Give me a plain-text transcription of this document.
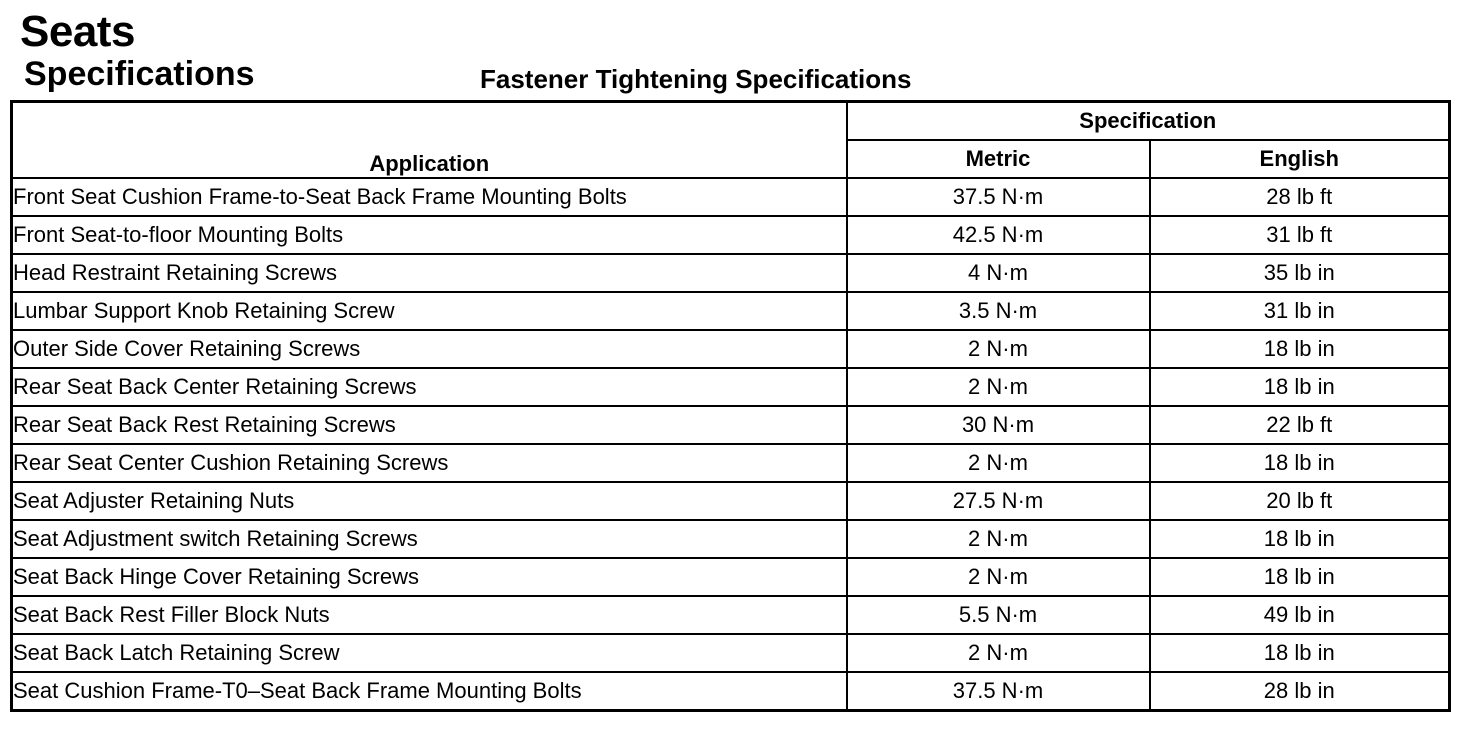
Seats
Specifications	Fastener Tightening Specifications
Application	Specification	
	Metric	English
Front Seat Cushion Frame-to-Seat Back Frame Mounting Bolts	37.5 N·m	28 lb ft
Front Seat-to-floor Mounting Bolts	42.5 N·m	31 lb ft
Head Restraint Retaining Screws	4 N·m	35 lb in
Lumbar Support Knob Retaining Screw	3.5 N·m	31 lb in
Outer Side Cover Retaining Screws	2 N·m	18 lb in
Rear Seat Back Center Retaining Screws	2 N·m	18 lb in
Rear Seat Back Rest Retaining Screws	30 N·m	22 lb ft
Rear Seat Center Cushion Retaining Screws	2 N·m	18 lb in
Seat Adjuster Retaining Nuts	27.5 N·m	20 lb ft
Seat Adjustment switch Retaining Screws	2 N·m	18 lb in
Seat Back Hinge Cover Retaining Screws	2 N·m	18 lb in
Seat Back Rest Filler Block Nuts	5.5 N·m	49 lb in
Seat Back Latch Retaining Screw	2 N·m	18 lb in
Seat Cushion Frame-T0–Seat Back Frame Mounting Bolts	37.5 N·m	28 lb in
